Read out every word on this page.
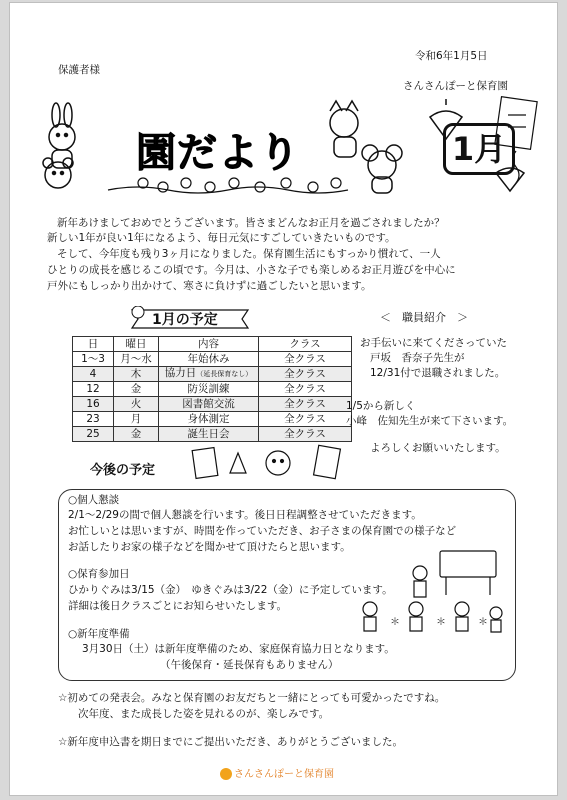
令和6年1月5日
保護者様
さんさんぽーと保育園
園だより	1月
新年あけましておめでとうございます。皆さまどんなお正月を過ごされましたか？
新しい1年が良い1年になるよう、毎日元気にすごしていきたいものです。
そして、今年度も残り3ヶ月になりました。保育園生活にもすっかり慣れて、一人
ひとりの成長を感じるこの頃です。今月は、小さな子でも楽しめるお正月遊びを中心に
戸外にもしっかり出かけて、寒さに負けずに過ごしたいと思います。
1月の予定
日	曜日	内容	クラス
1～3	月～水	年始休み	全クラス
4	木	協力日（延長保育なし）	全クラス
12	金	防災訓練	全クラス
16	火	図書館交流	全クラス
23	月	身体測定	全クラス
25	金	誕生日会	全クラス
＜　職員紹介　＞
お手伝いに来てくださっていた
戸坂　香奈子先生が
12/31付で退職されました。
1/5から新しく
小峰　佐知先生が来て下さいます。
よろしくお願いいたします。
今後の予定
○個人懇談
2/1～2/29の間で個人懇談を行います。後日日程調整させていただきます。
お忙しいとは思いますが、時間を作っていただき、お子さまの保育園での様子など
お話したりお家の様子などを聞かせて頂けたらと思います。
○保育参加日
ひかりぐみは3/15（金）　ゆきぐみは3/22（金）に予定しています。
詳細は後日クラスごとにお知らせいたします。
○新年度準備
3月30日（土）は新年度準備のため、家庭保育協力日となります。
（午後保育・延長保育もありません）
＊	＊	＊
☆初めての発表会。みなと保育園のお友だちと一緒にとっても可愛かったですね。
次年度、また成長した姿を見れるのが、楽しみです。
☆新年度申込書を期日までにご提出いただき、ありがとうございました。
さんさんぽーと保育園
